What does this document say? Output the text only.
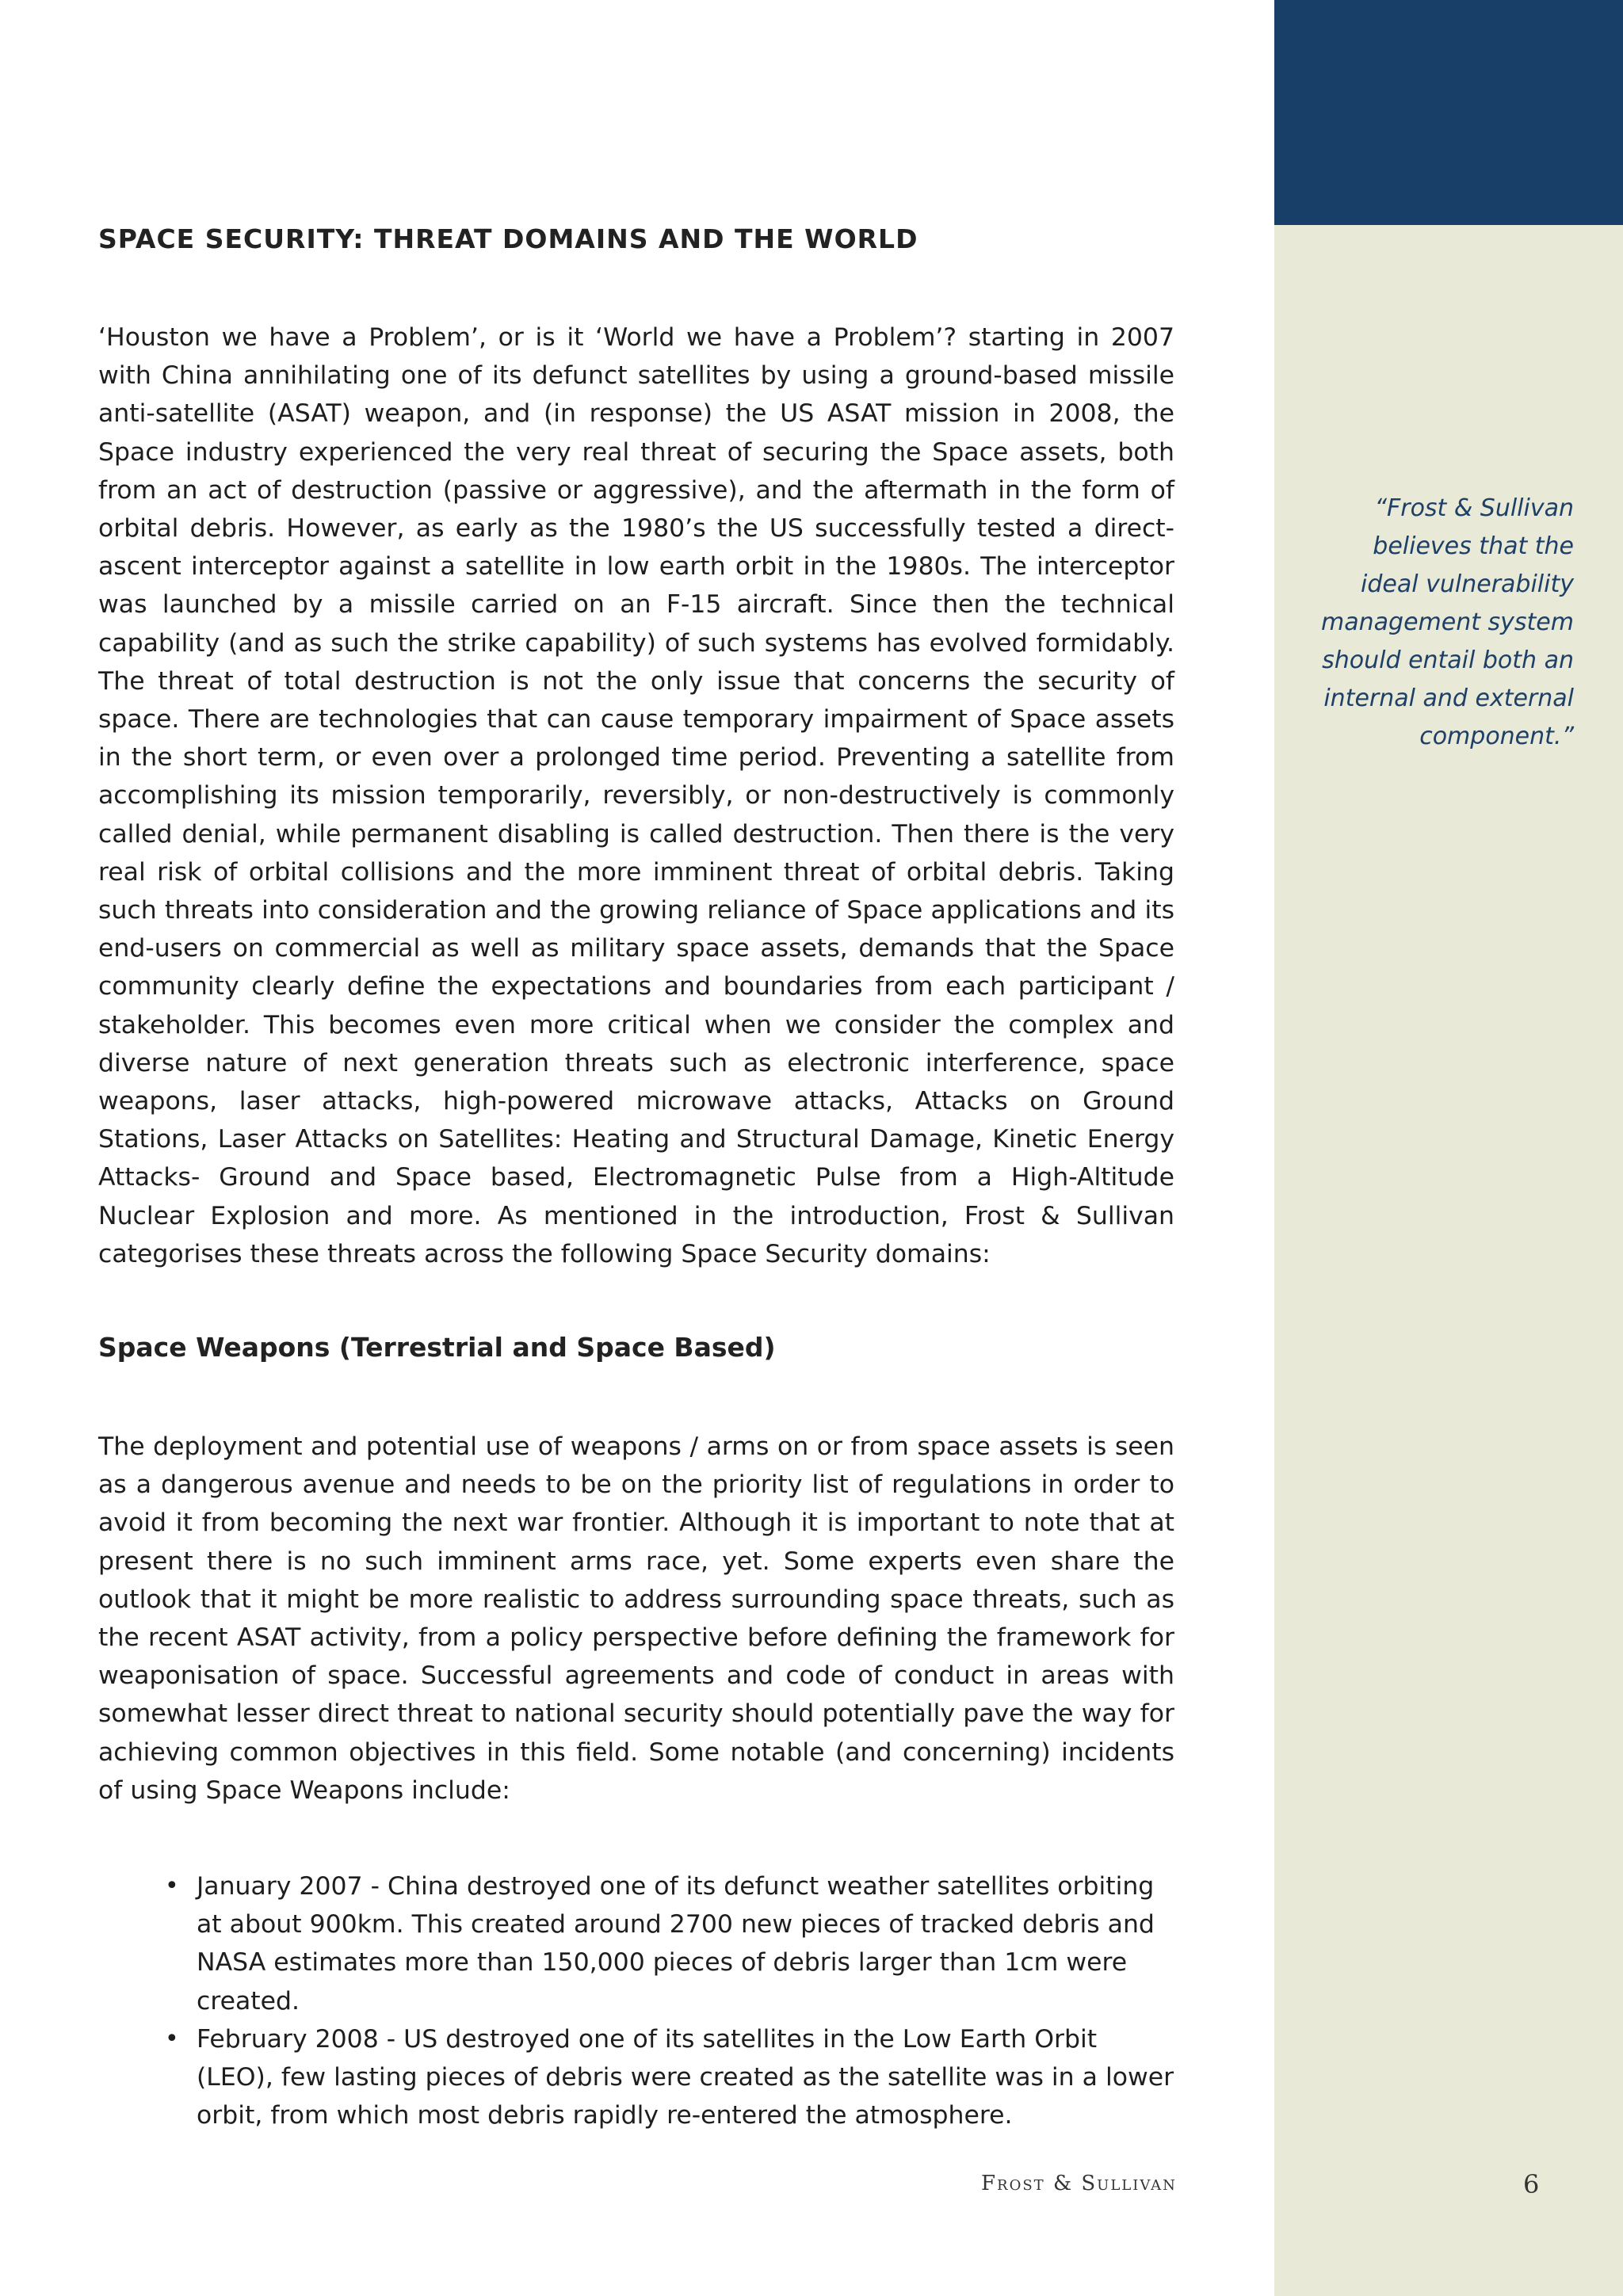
“Frost & Sullivan believes that the ideal vulnerability management system should entail both an internal and external component.”

SPACE SECURITY: THREAT DOMAINS AND THE WORLD

‘Houston we have a Problem’, or is it ‘World we have a Problem’? starting in 2007 with China annihilating one of its defunct satellites by using a ground-based missile anti-satellite (ASAT) weapon, and (in response) the US ASAT mission in 2008, the Space industry experienced the very real threat of securing the Space assets, both from an act of destruction (passive or aggressive), and the aftermath in the form of orbital debris. However, as early as the 1980’s the US successfully tested a direct-ascent interceptor against a satellite in low earth orbit in the 1980s. The interceptor was launched by a missile carried on an F-15 aircraft. Since then the technical capability (and as such the strike capability) of such systems has evolved formidably. The threat of total destruction is not the only issue that concerns the security of space. There are technologies that can cause temporary impairment of Space assets in the short term, or even over a prolonged time period. Preventing a satellite from accomplishing its mission temporarily, reversibly, or non-destructively is commonly called denial, while permanent disabling is called destruction. Then there is the very real risk of orbital collisions and the more imminent threat of orbital debris. Taking such threats into consideration and the growing reliance of Space applications and its end-users on commercial as well as military space assets, demands that the Space community clearly define the expectations and boundaries from each participant / stakeholder. This becomes even more critical when we consider the complex and diverse nature of next generation threats such as electronic interference, space weapons, laser attacks, high-powered microwave attacks, Attacks on Ground Stations, Laser Attacks on Satellites: Heating and Structural Damage, Kinetic Energy Attacks- Ground and Space based, Electromagnetic Pulse from a High-Altitude Nuclear Explosion and more. As mentioned in the introduction, Frost & Sullivan categorises these threats across the following Space Security domains:

Space Weapons (Terrestrial and Space Based)

The deployment and potential use of weapons / arms on or from space assets is seen as a dangerous avenue and needs to be on the priority list of regulations in order to avoid it from becoming the next war frontier. Although it is important to note that at present there is no such imminent arms race, yet. Some experts even share the outlook that it might be more realistic to address surrounding space threats, such as the recent ASAT activity, from a policy perspective before defining the framework for weaponisation of space. Successful agreements and code of conduct in areas with somewhat lesser direct threat to national security should potentially pave the way for achieving common objectives in this field. Some notable (and concerning) incidents of using Space Weapons include:

• January 2007 - China destroyed one of its defunct weather satellites orbiting at about 900km. This created around 2700 new pieces of tracked debris and NASA estimates more than 150,000 pieces of debris larger than 1cm were created.
• February 2008 - US destroyed one of its satellites in the Low Earth Orbit (LEO), few lasting pieces of debris were created as the satellite was in a lower orbit, from which most debris rapidly re-entered the atmosphere.
Frost & Sullivan	6
